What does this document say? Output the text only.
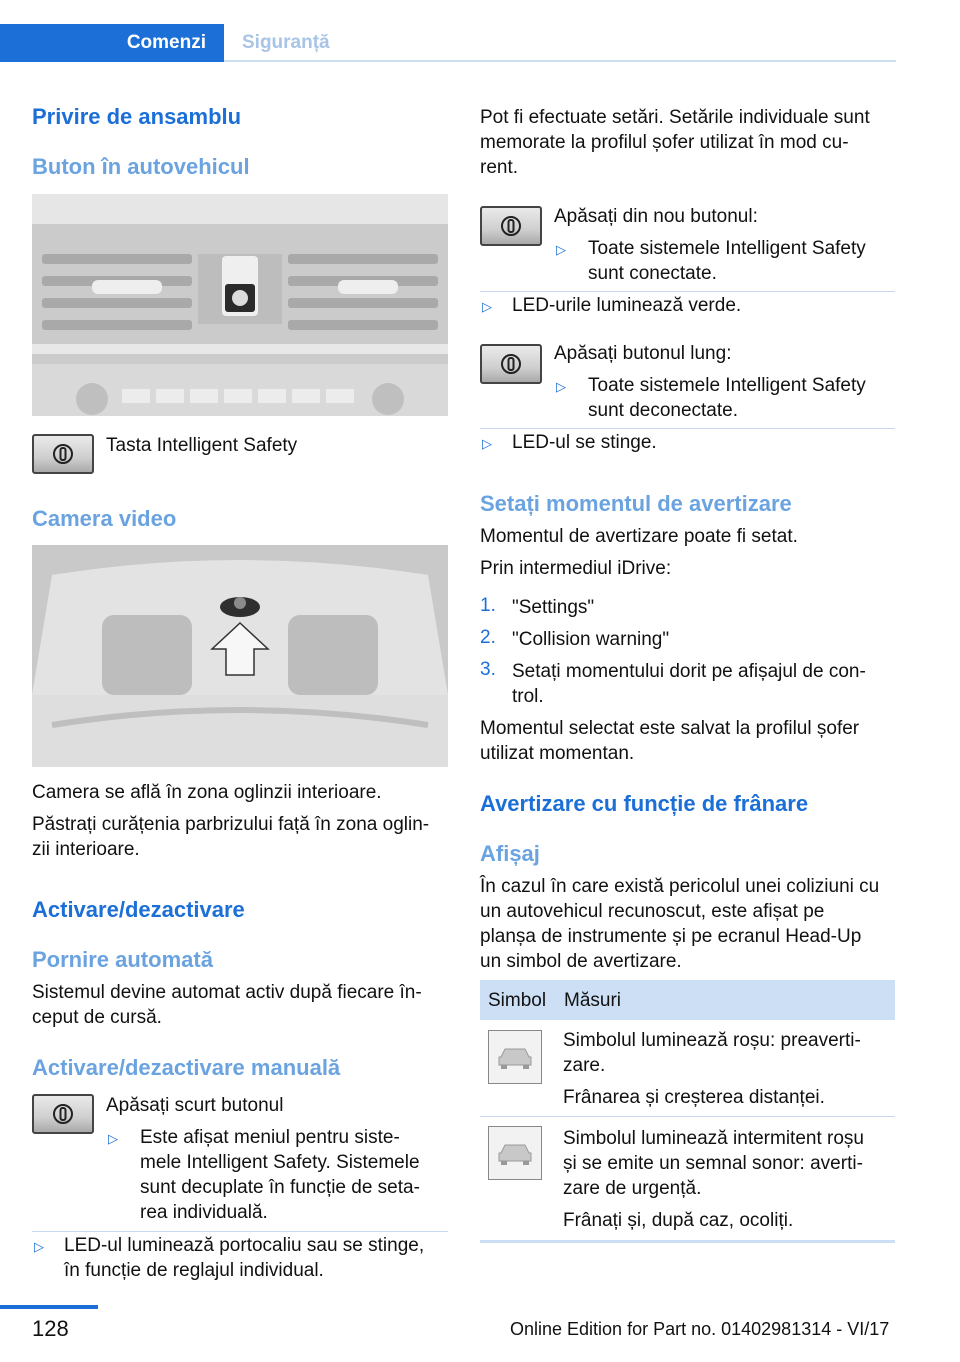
Comenzi	Siguranță
Privire de ansamblu
Buton în autovehicul
Tasta Intelligent Safety
Camera video
Camera se află în zona oglinzii interioare.
Păstrați curățenia parbrizului față în zona oglin‐
zii interioare.
Activare/dezactivare
Pornire automată
Sistemul devine automat activ după fiecare în‐
ceput de cursă.
Activare/dezactivare manuală
Apăsați scurt butonul
▷ Este afișat meniul pentru siste‐
mele Intelligent Safety. Sistemele
sunt decuplate în funcție de seta‐
rea individuală.
▷ LED-ul luminează portocaliu sau se stinge,
în funcție de reglajul individual.
Pot fi efectuate setări. Setările individuale sunt
memorate la profilul șofer utilizat în mod cu‐
rent.
Apăsați din nou butonul:
▷ Toate sistemele Intelligent Safety
sunt conectate.
▷ LED-urile luminează verde.
Apăsați butonul lung:
▷ Toate sistemele Intelligent Safety
sunt deconectate.
▷ LED-ul se stinge.
Setați momentul de avertizare
Momentul de avertizare poate fi setat.
Prin intermediul iDrive:
1. "Settings"
2. "Collision warning"
3. Setați momentului dorit pe afișajul de con‐
trol.
Momentul selectat este salvat la profilul șofer
utilizat momentan.
Avertizare cu funcție de frânare
Afișaj
În cazul în care există pericolul unei coliziuni cu
un autovehicul recunoscut, este afișat pe
planșa de instrumente și pe ecranul Head-Up
un simbol de avertizare.
Simbol Măsuri
Simbolul luminează roșu: preaverti‐
zare.
Frânarea și creșterea distanței.
Simbolul luminează intermitent roșu
și se emite un semnal sonor: averti‐
zare de urgență.
Frânați și, după caz, ocoliți.
128	Online Edition for Part no. 01402981314 - VI/17
